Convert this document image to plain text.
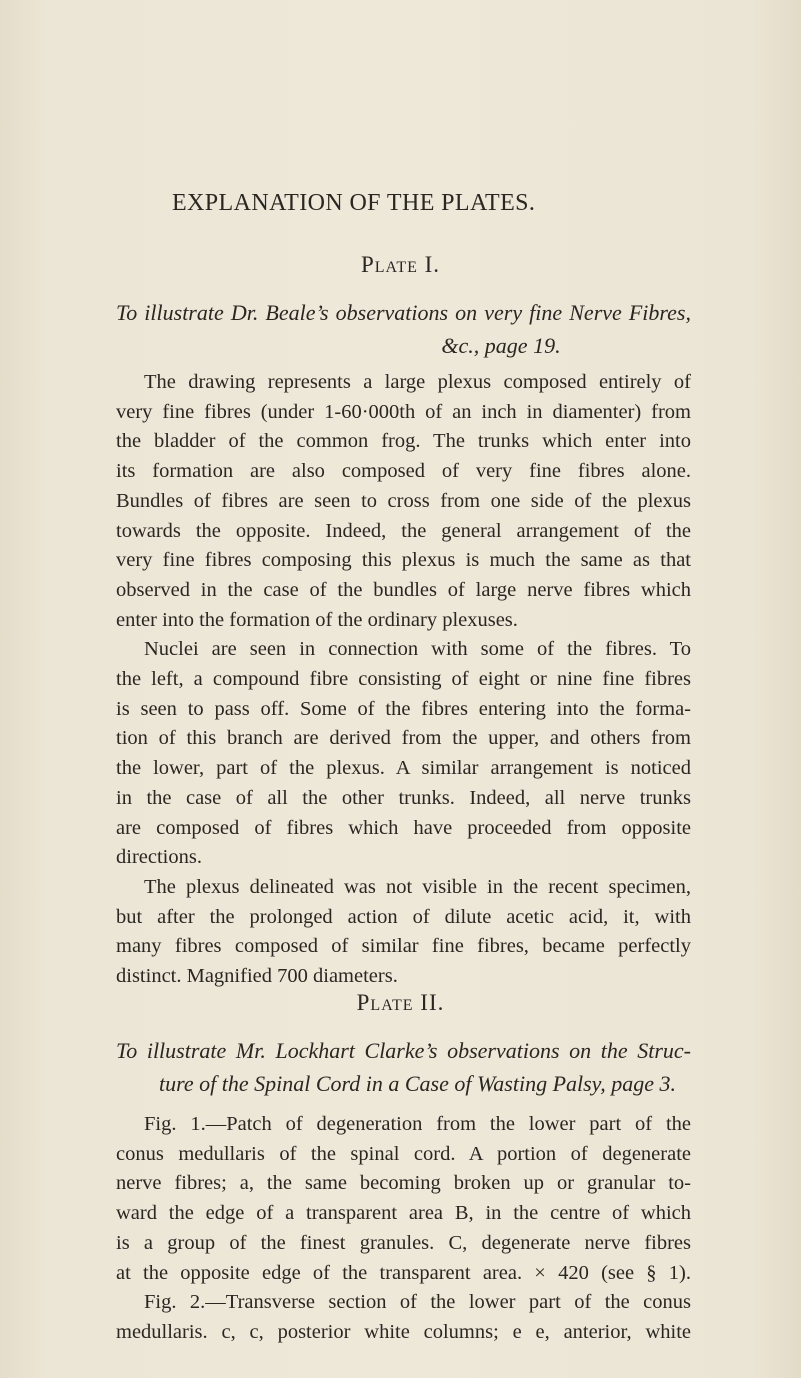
EXPLANATION OF THE PLATES.
Plate I.
To illustrate Dr. Beale’s observations on very fine Nerve Fibres,
&c., page 19.
The drawing represents a large plexus composed entirely of
very fine fibres (under 1-60·000th of an inch in diamenter) from
the bladder of the common frog. The trunks which enter into
its formation are also composed of very fine fibres alone.
Bundles of fibres are seen to cross from one side of the plexus
towards the opposite. Indeed, the general arrangement of the
very fine fibres composing this plexus is much the same as that
observed in the case of the bundles of large nerve fibres which
enter into the formation of the ordinary plexuses.
Nuclei are seen in connection with some of the fibres. To
the left, a compound fibre consisting of eight or nine fine fibres
is seen to pass off. Some of the fibres entering into the forma-
tion of this branch are derived from the upper, and others from
the lower, part of the plexus. A similar arrangement is noticed
in the case of all the other trunks. Indeed, all nerve trunks
are composed of fibres which have proceeded from opposite
directions.
The plexus delineated was not visible in the recent specimen,
but after the prolonged action of dilute acetic acid, it, with
many fibres composed of similar fine fibres, became perfectly
distinct. Magnified 700 diameters.
Plate II.
To illustrate Mr. Lockhart Clarke’s observations on the Struc-
ture of the Spinal Cord in a Case of Wasting Palsy, page 3.
Fig. 1.—Patch of degeneration from the lower part of the
conus medullaris of the spinal cord. A portion of degenerate
nerve fibres; a, the same becoming broken up or granular to-
ward the edge of a transparent area B, in the centre of which
is a group of the finest granules. C, degenerate nerve fibres
at the opposite edge of the transparent area. × 420 (see § 1).
Fig. 2.—Transverse section of the lower part of the conus
medullaris. c, c, posterior white columns; e e, anterior, white
